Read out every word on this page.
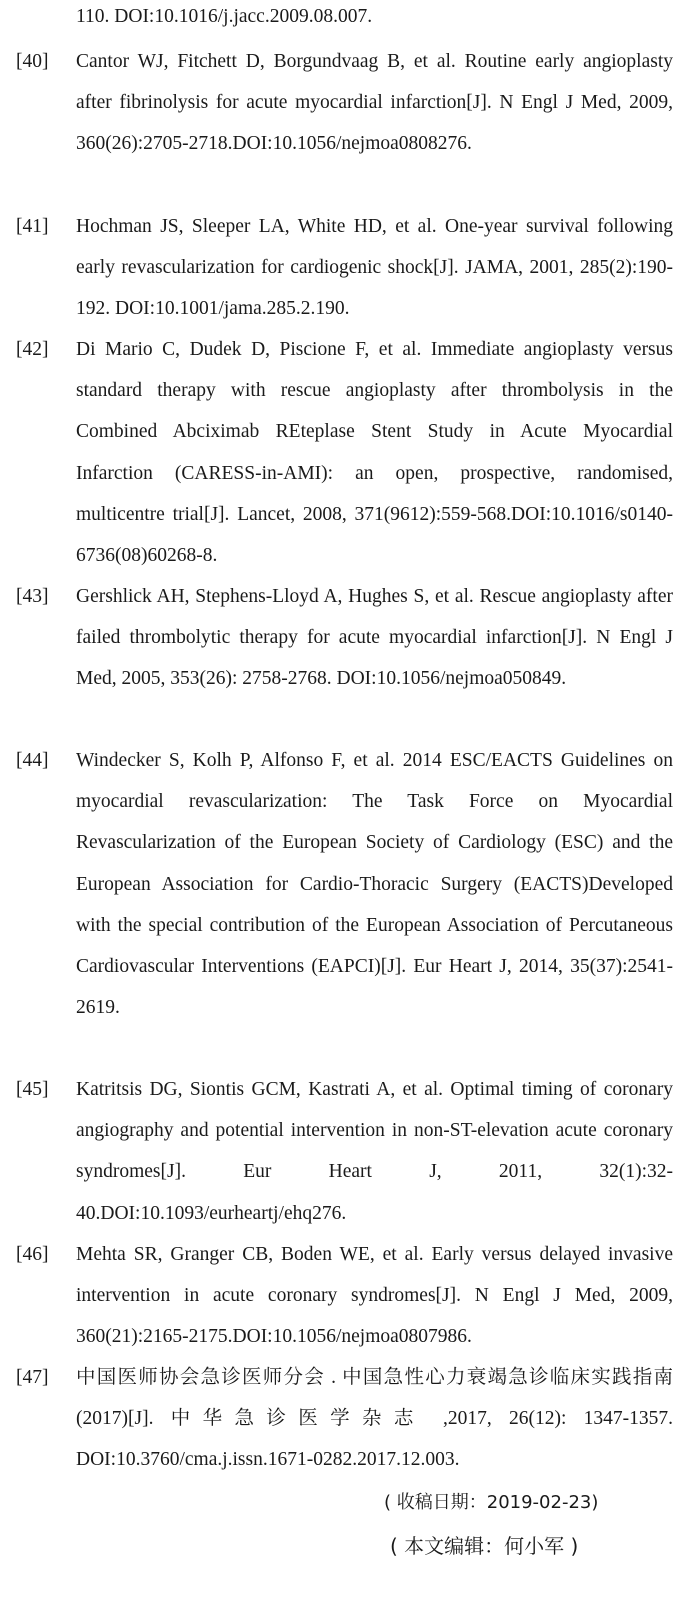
110. DOI:10.1016/j.jacc.2009.08.007.
[40]	Cantor WJ, Fitchett D, Borgundvaag B, et al. Routine early angioplasty after fibrinolysis for acute myocardial infarction[J]. N Engl J Med, 2009, 360(26):2705-2718.DOI:10.1056/nejmoa0808276.
[41]	Hochman JS, Sleeper LA, White HD, et al. One-year survival following early revascularization for cardiogenic shock[J]. JAMA, 2001, 285(2):190-192. DOI:10.1001/jama.285.2.190.
[42]	Di Mario C, Dudek D, Piscione F, et al. Immediate angioplasty versus standard therapy with rescue angioplasty after thrombolysis in the Combined Abciximab REteplase Stent Study in Acute Myocardial Infarction (CARESS-in-AMI): an open, prospective, randomised, multicentre trial[J]. Lancet, 2008, 371(9612):559-568.DOI:10.1016/s0140-6736(08)60268-8.
[43]	Gershlick AH, Stephens-Lloyd A, Hughes S, et al. Rescue angioplasty after failed thrombolytic therapy for acute myocardial infarction[J]. N Engl J Med, 2005, 353(26): 2758-2768. DOI:10.1056/nejmoa050849.
[44]	Windecker S, Kolh P, Alfonso F, et al. 2014 ESC/EACTS Guidelines on myocardial revascularization: The Task Force on Myocardial Revascularization of the European Society of Cardiology (ESC) and the European Association for Cardio-Thoracic Surgery (EACTS)Developed with the special contribution of the European Association of Percutaneous Cardiovascular Interventions (EAPCI)[J]. Eur Heart J, 2014, 35(37):2541-2619.
[45]	Katritsis DG, Siontis GCM, Kastrati A, et al. Optimal timing of coronary angiography and potential intervention in non-ST-elevation acute coronary syndromes[J]. Eur Heart J, 2011, 32(1):32-40.DOI:10.1093/eurheartj/ehq276.
[46]	Mehta SR, Granger CB, Boden WE, et al. Early versus delayed invasive intervention in acute coronary syndromes[J]. N Engl J Med, 2009, 360(21):2165-2175.DOI:10.1056/nejmoa0807986.
[47]	中国医师协会急诊医师分会 . 中国急性心力衰竭急诊临床实践指南 (2017)[J]. 中华急诊医学杂志 ,2017, 26(12): 1347-1357. DOI:10.3760/cma.j.issn.1671-0282.2017.12.003.
( 收稿日期：2019-02-23)
( 本文编辑：何小军 )
